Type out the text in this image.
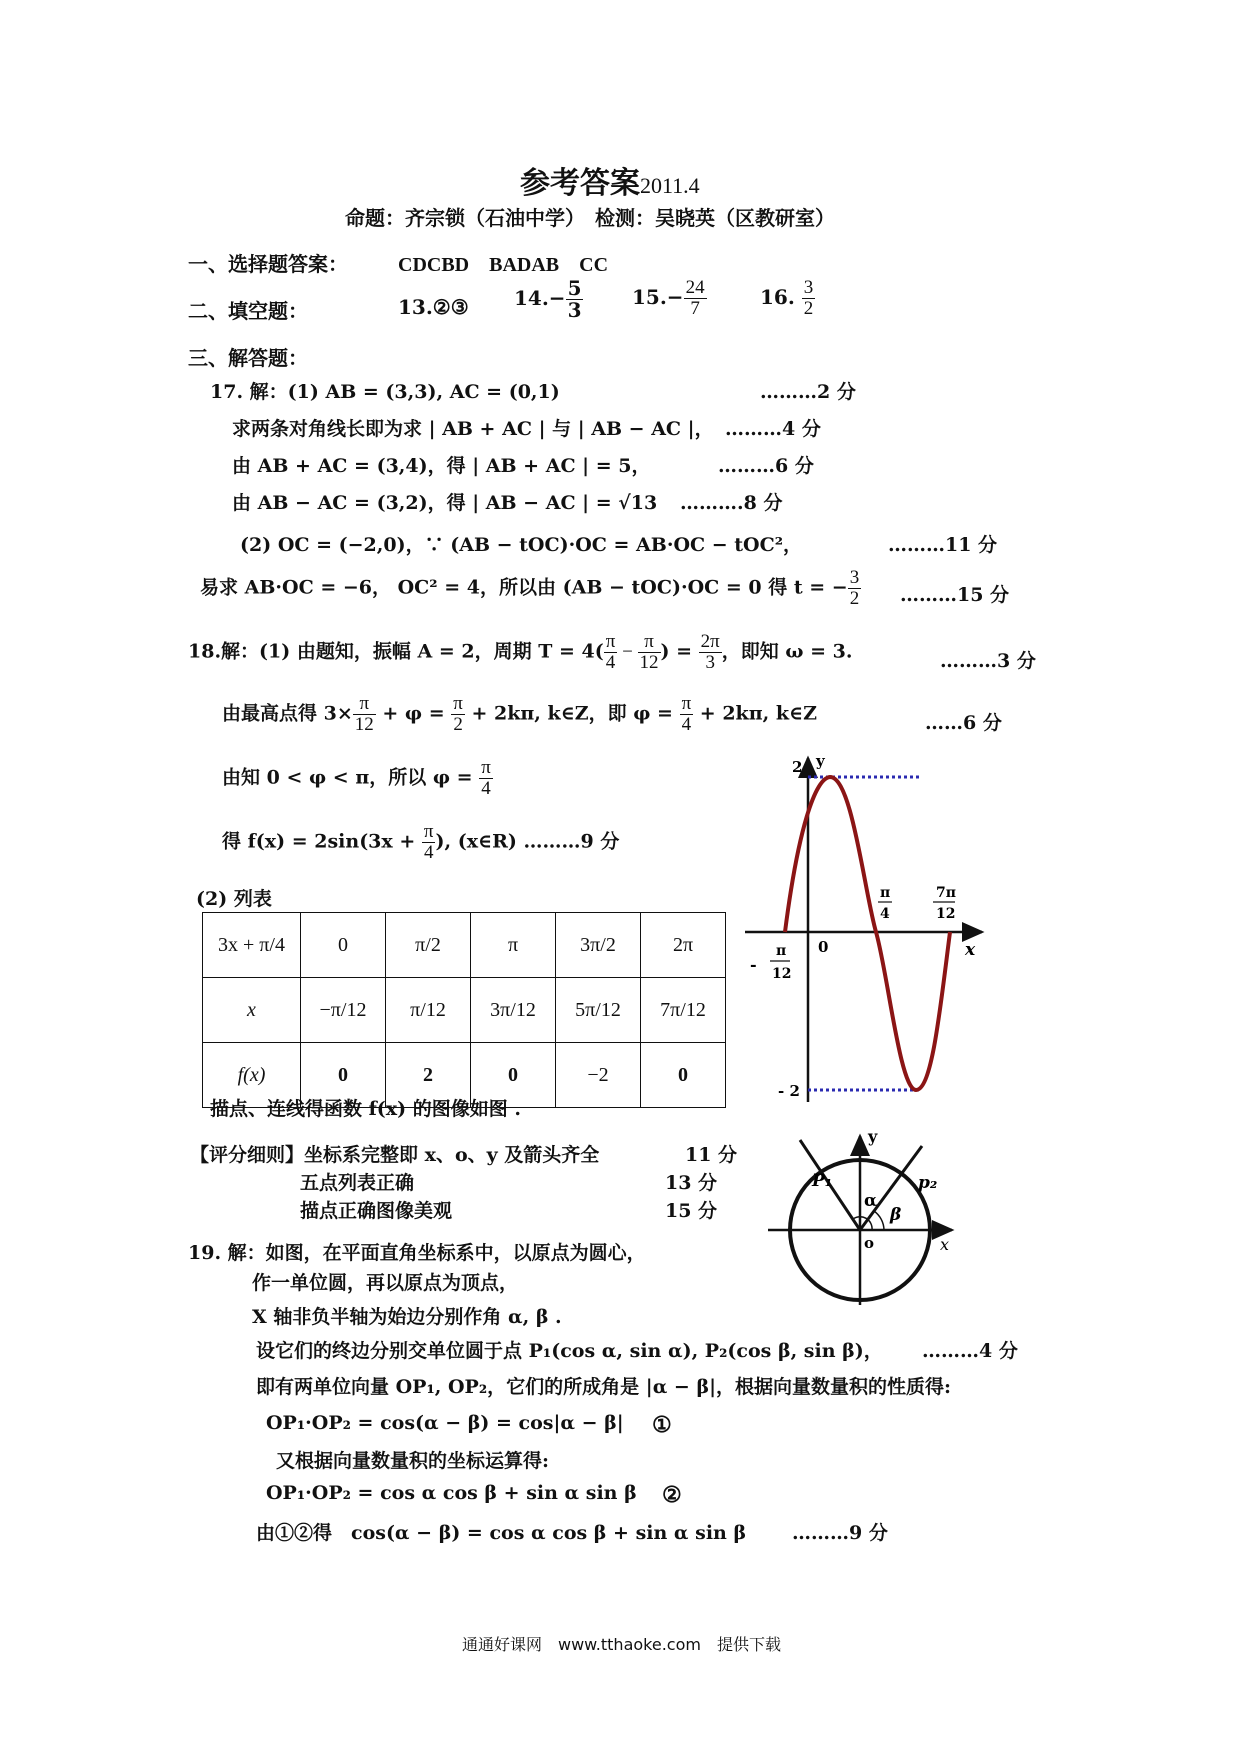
参考答案2011.4
命题：齐宗锁（石油中学）　检测：吴晓英（区教研室）
一、选择题答案：	CDCBD　BADAB　CC
二、填空题：	13.②③ $14.- \frac{5}{3} 15.- \frac{24}{7}$	16. $\frac{3}{2}$
三、解答题：
17. 解：(1) AB = (3,3), AC = (0,1)	………2 分
求两条对角线长即为求 | AB + AC | 与 | AB − AC |， ………4 分
由 AB + AC = (3,4)，得 | AB + AC | = 5，	………6 分
由 AB − AC = (3,2)，得 | AB − AC | = √13 ……….8 分
(2) OC = (−2,0)，∵ (AB − tOC)·OC = AB·OC − tOC²，	………11 分
易求 AB·OC = −6， OC² = 4，所以由 (AB − tOC)·OC = 0 得 t = − $\frac{3}{2}$ ………15 分
18.解：(1) 由题知，振幅 A = 2，周期 $T = 4( \frac{\pi}{4} - \frac{\pi}{12}$ ) = $\frac{2\pi}{3}$ ，即知 ω = 3.	………3 分
由最高点得 $3\times \frac{\pi}{12} + \varphi = \frac{\pi}{2} + 2k\pi$, k∈Z，即 $\varphi = \frac{\pi}{4} + 2k\pi$, k∈Z	……6 分
由知 0 < φ < π，所以 $\varphi = \frac{\pi}{4}$
得 $f(x) = 2\sin(3x + \frac{\pi}{4}$ ), (x∈R) ………9 分
(2) 列表
3x + π/4	0	π/2	π	3π/2	2π
x	−π/12	π/12	3π/12	5π/12	7π/12
f(x)	0	2	0	−2	0
描点、连线得函数 f(x) 的图像如图 .
【评分细则】坐标系完整即 x、o、y 及箭头齐全	11 分
五点列表正确	13 分
描点正确图像美观	15 分
2 y
0	x
- 2
π
4
7π
12
-
π
12
y
x
o
P₁	p₂
α
β
19. 解：如图，在平面直角坐标系中，以原点为圆心，
作一单位圆，再以原点为顶点，
X 轴非负半轴为始边分别作角 α, β .
设它们的终边分别交单位圆于点 P₁(cos α, sin α), P₂(cos β, sin β)， ………4 分
即有两单位向量 OP₁, OP₂，它们的所成角是 |α − β|，根据向量数量积的性质得:
OP₁·OP₂ = cos(α − β) = cos|α − β| ①
又根据向量数量积的坐标运算得:
OP₁·OP₂ = cos α cos β + sin α sin β ②
由①②得　cos(α − β) = cos α cos β + sin α sin β ………9 分
通通好课网　www.tthaoke.com　提供下载
